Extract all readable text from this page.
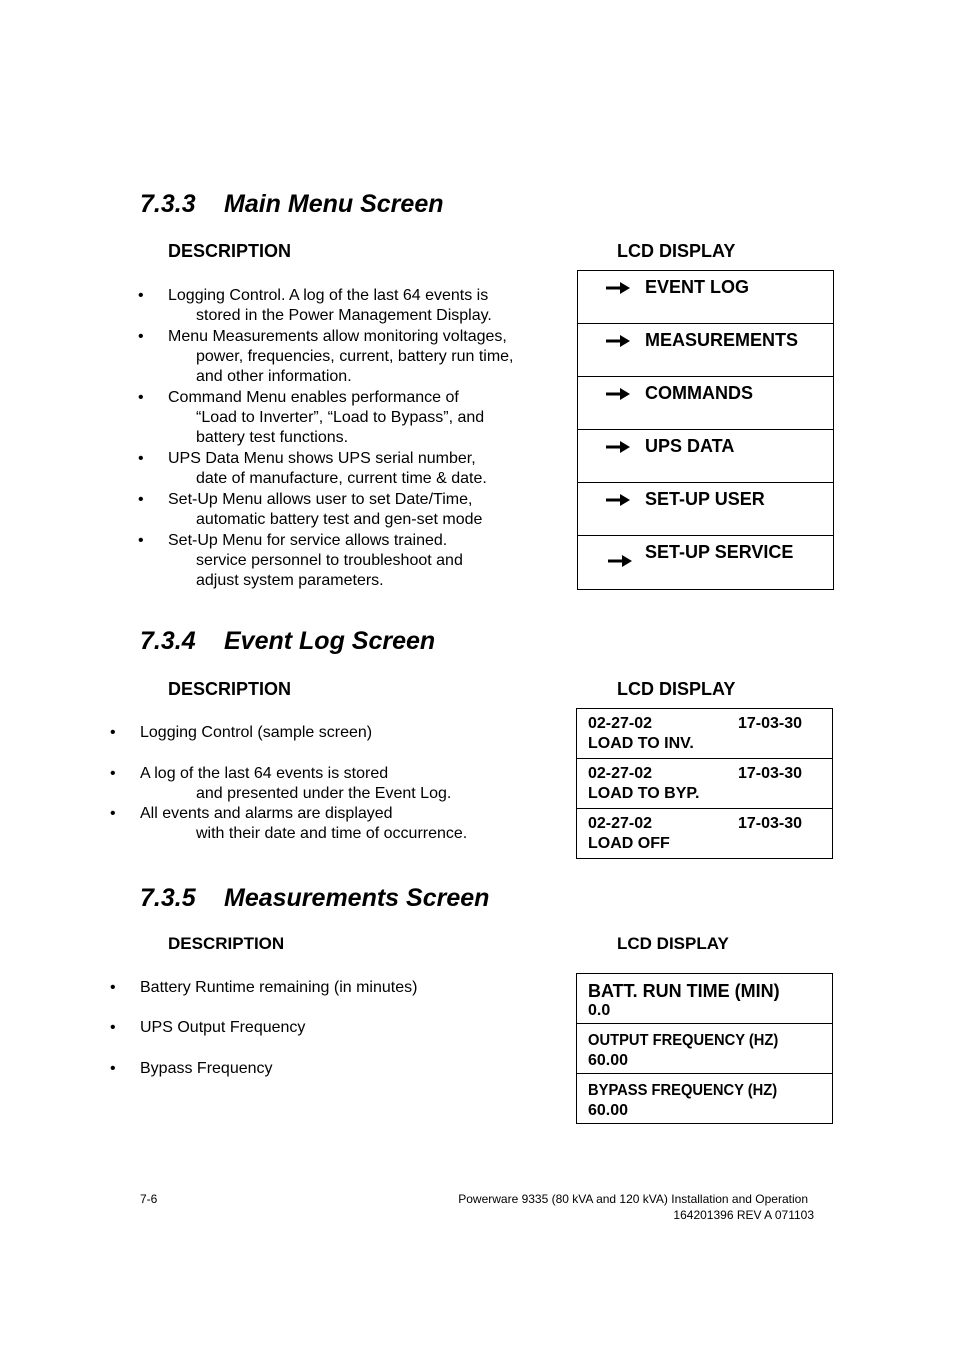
7.3.3 Main Menu Screen
DESCRIPTION	LCD DISPLAY
•	Logging Control. A log of the last 64 events is
stored in the Power Management Display.
•	Menu Measurements allow monitoring voltages,
power, frequencies, current, battery run time,
and other information.
•	Command Menu enables performance of
“Load to Inverter”, “Load to Bypass”, and
battery test functions.
•	UPS Data Menu shows UPS serial number,
date of manufacture, current time & date.
•	Set-Up Menu allows user to set Date/Time,
automatic battery test and gen-set mode
•	Set-Up Menu for service allows trained.
service personnel to troubleshoot and
adjust system parameters.
EVENT LOG
MEASUREMENTS
COMMANDS
UPS DATA
SET-UP USER
SET-UP SERVICE
7.3.4 Event Log Screen
DESCRIPTION	LCD DISPLAY
•	Logging Control (sample screen)
•	A log of the last 64 events is stored
and presented under the Event Log.
•	All events and alarms are displayed
with their date and time of occurrence.
02-27-02	17-03-30
LOAD TO INV.
02-27-02	17-03-30
LOAD TO BYP.
02-27-02	17-03-30
LOAD OFF
7.3.5 Measurements Screen
DESCRIPTION	LCD DISPLAY
•	Battery Runtime remaining (in minutes)
•	UPS Output Frequency
•	Bypass Frequency
BATT. RUN TIME (MIN)
0.0
OUTPUT FREQUENCY (HZ)
60.00
BYPASS FREQUENCY (HZ)
60.00
7-6	Powerware 9335 (80 kVA and 120 kVA) Installation and Operation
164201396 REV A 071103
